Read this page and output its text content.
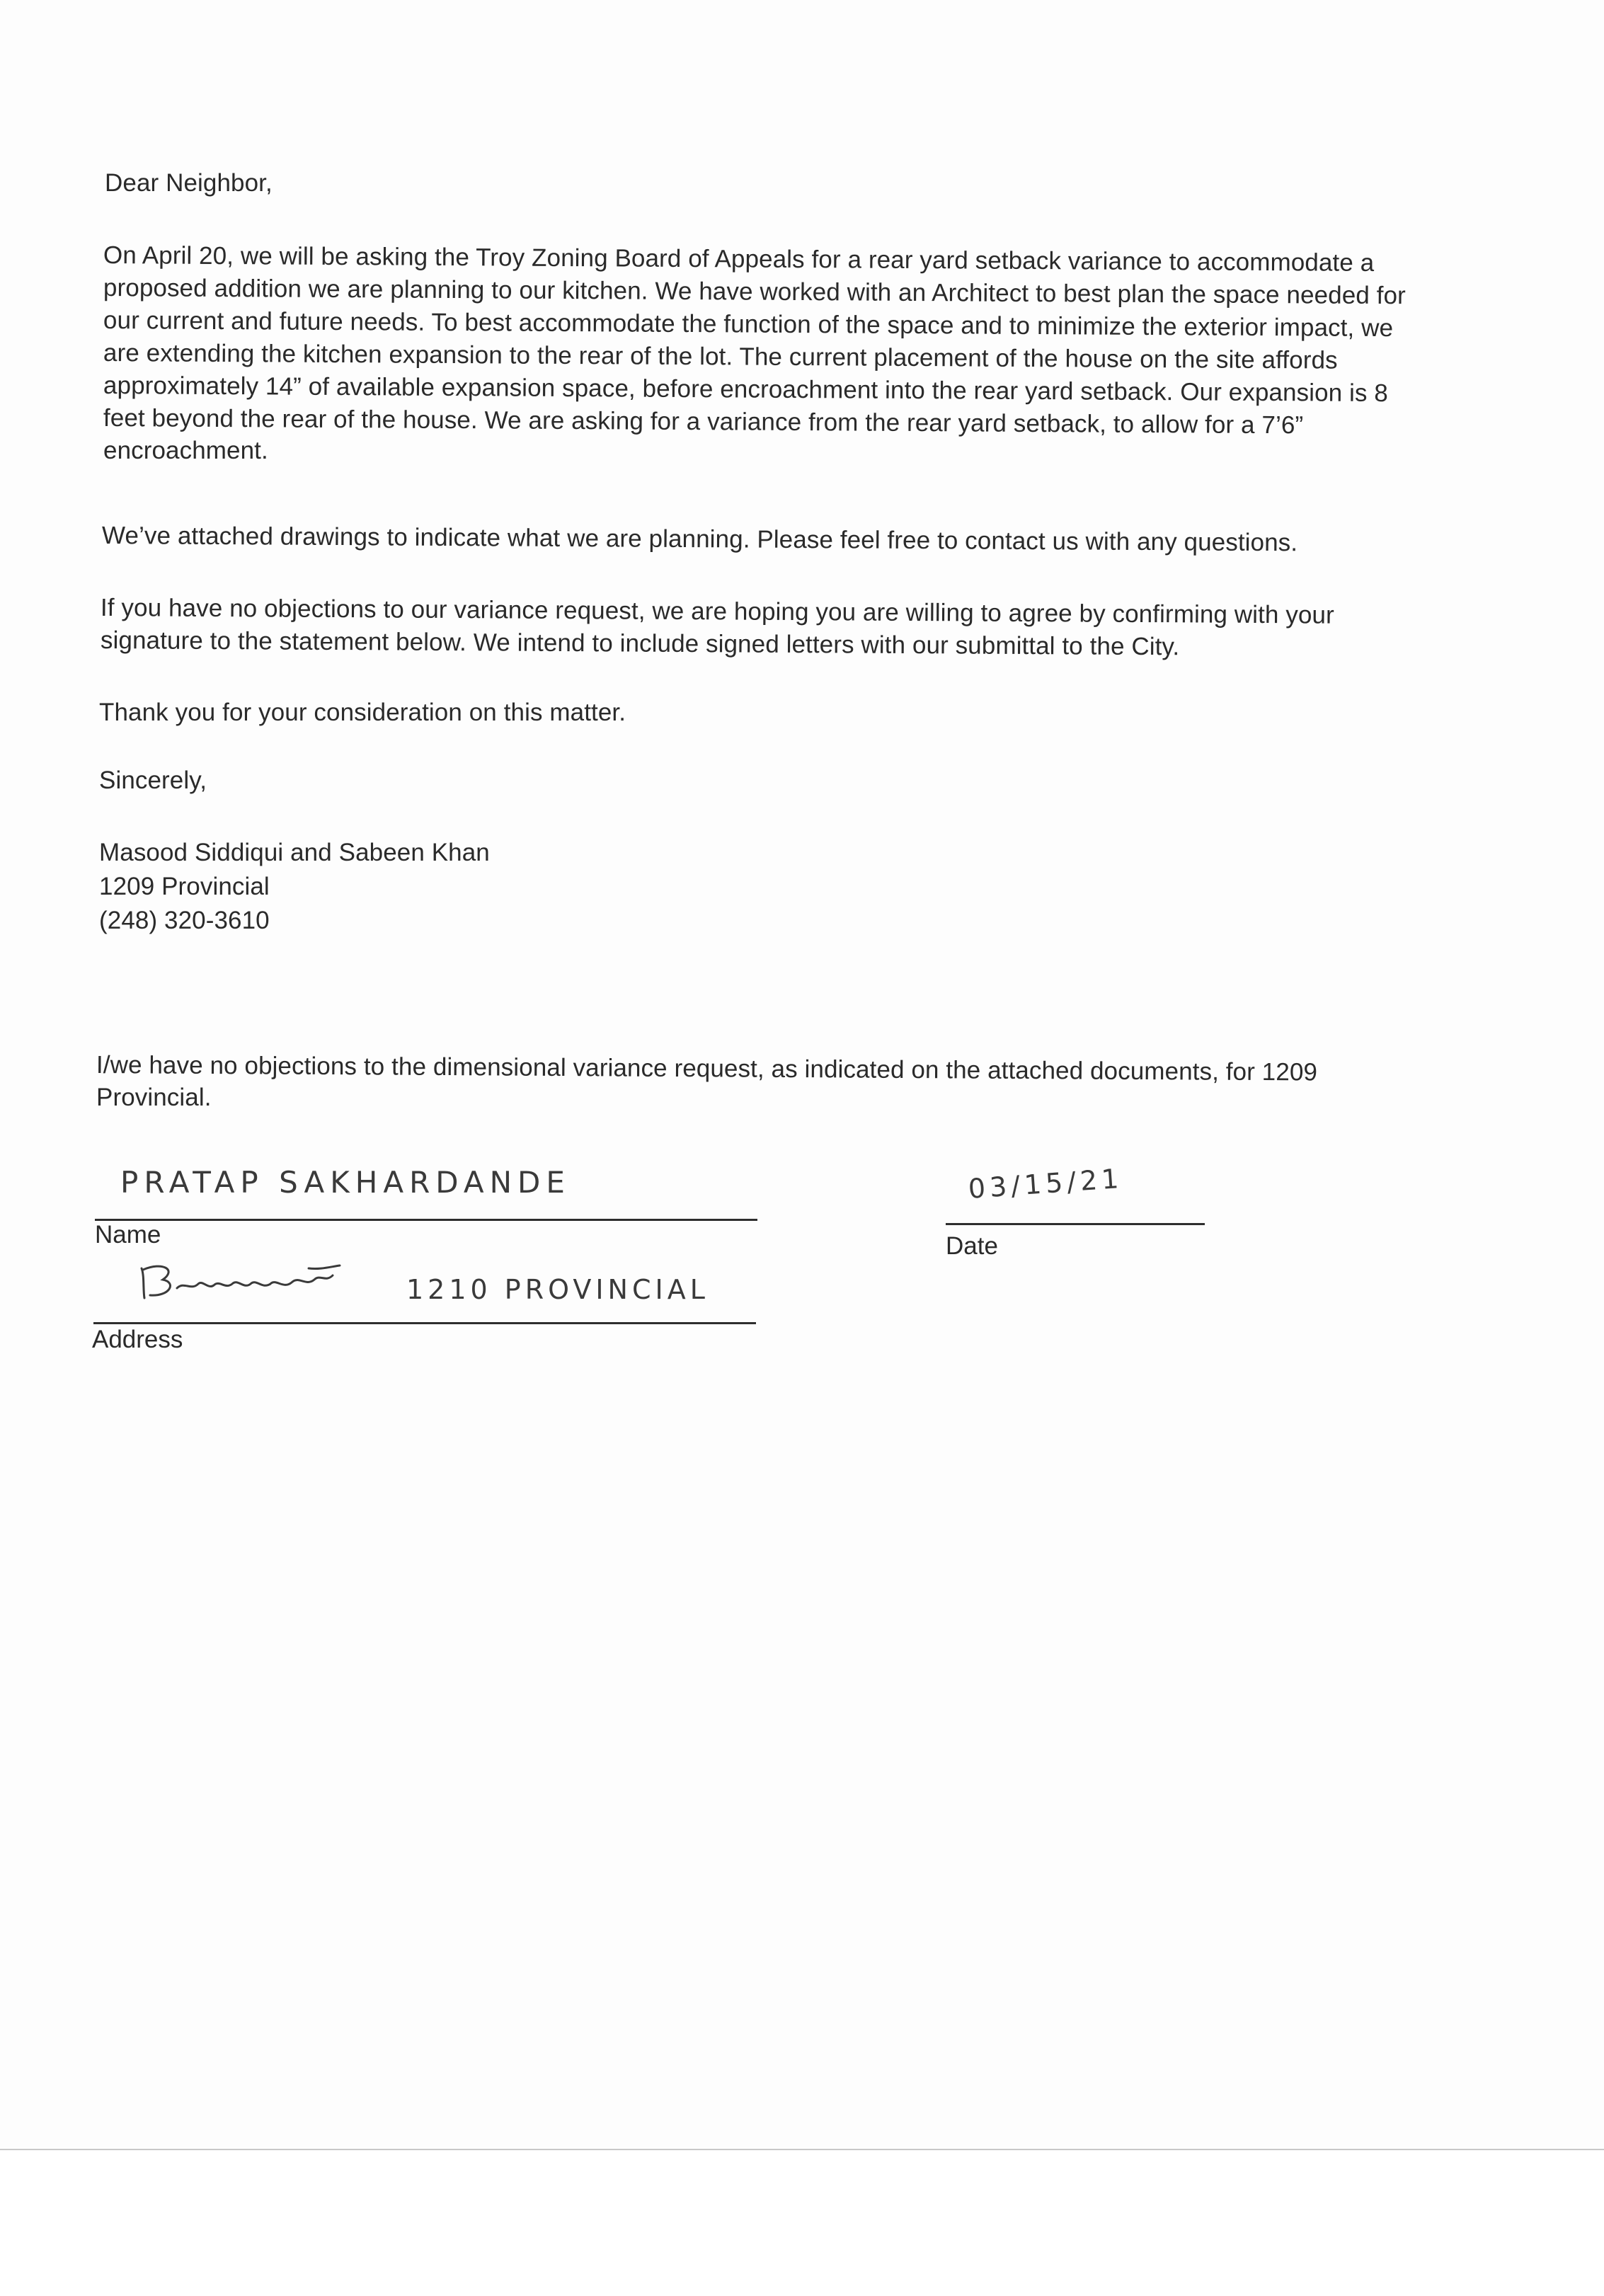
Dear Neighbor,
On April 20, we will be asking the Troy Zoning Board of Appeals for a rear yard setback variance to accommodate a
proposed addition we are planning to our kitchen. We have worked with an Architect to best plan the space needed for
our current and future needs. To best accommodate the function of the space and to minimize the exterior impact, we
are extending the kitchen expansion to the rear of the lot. The current placement of the house on the site affords
approximately 14” of available expansion space, before encroachment into the rear yard setback. Our expansion is 8
feet beyond the rear of the house. We are asking for a variance from the rear yard setback, to allow for a 7’6”
encroachment.
We’ve attached drawings to indicate what we are planning. Please feel free to contact us with any questions.
If you have no objections to our variance request, we are hoping you are willing to agree by confirming with your
signature to the statement below. We intend to include signed letters with our submittal to the City.
Thank you for your consideration on this matter.
Sincerely,
Masood Siddiqui and Sabeen Khan
1209 Provincial
(248) 320-3610
I/we have no objections to the dimensional variance request, as indicated on the attached documents, for 1209
Provincial.
PRATAP SAKHARDANDE
Name
03/15/21
Date
1210 PROVINCIAL
Address
